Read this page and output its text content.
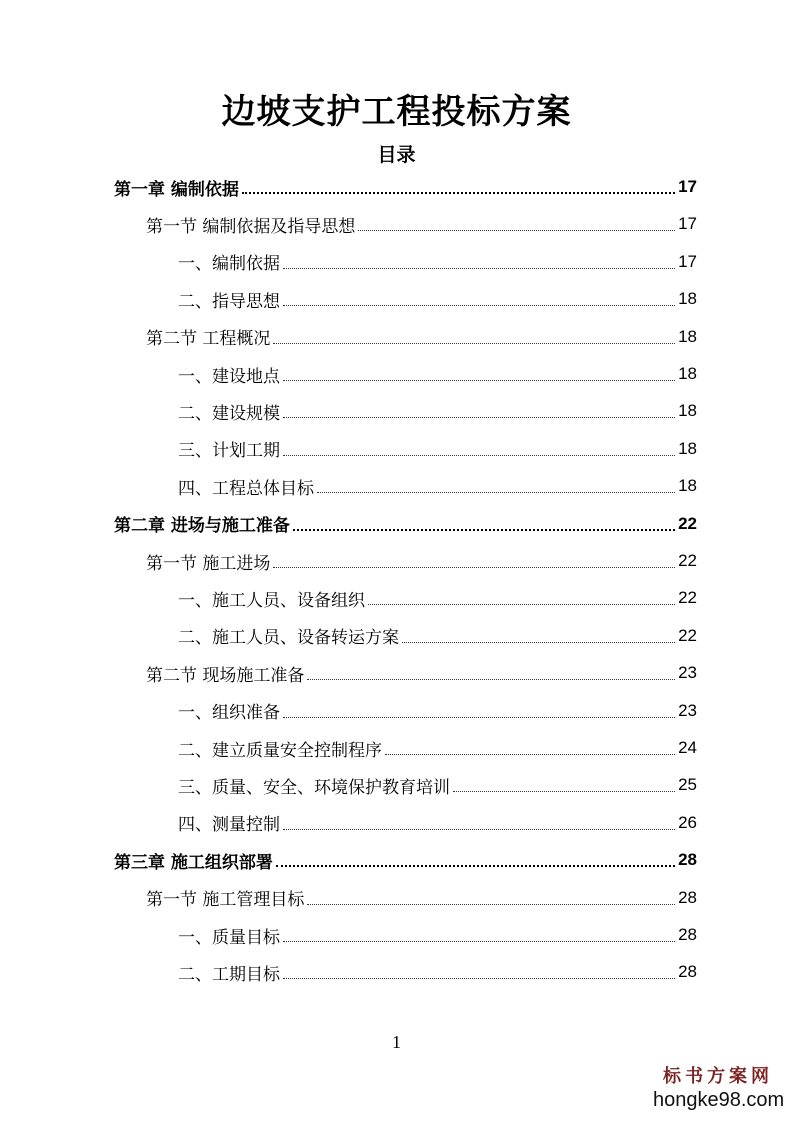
边坡支护工程投标方案
目录
第一章 编制依据	17
第一节 编制依据及指导思想	17
一、编制依据	17
二、指导思想	18
第二节 工程概况	18
一、建设地点	18
二、建设规模	18
三、计划工期	18
四、工程总体目标	18
第二章 进场与施工准备	22
第一节 施工进场	22
一、施工人员、设备组织	22
二、施工人员、设备转运方案	22
第二节 现场施工准备	23
一、组织准备	23
二、建立质量安全控制程序	24
三、质量、安全、环境保护教育培训	25
四、测量控制	26
第三章 施工组织部署	28
第一节 施工管理目标	28
一、质量目标	28
二、工期目标	28
1
标书方案网
hongke98.com
